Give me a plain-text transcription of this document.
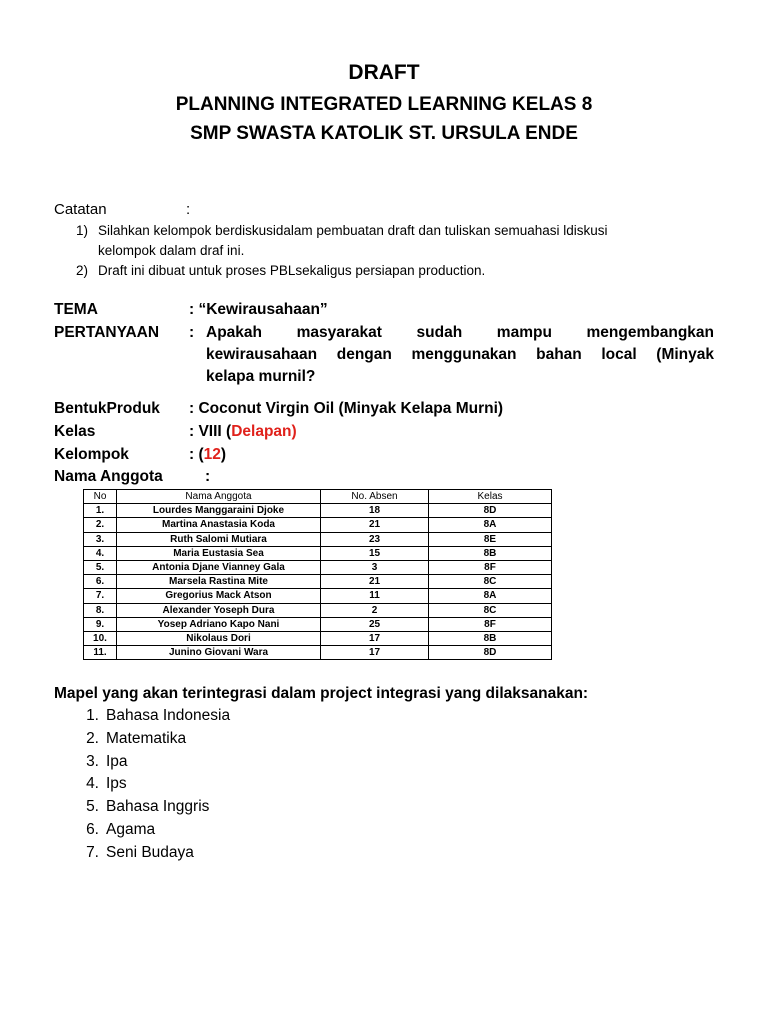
DRAFT
PLANNING INTEGRATED LEARNING KELAS 8
SMP SWASTA KATOLIK ST. URSULA ENDE

Catatan	:

1) Silahkan kelompok berdiskusidalam pembuatan draft dan tuliskan semuahasi ldiskusi

kelompok dalam draf ini.

2) Draft ini dibuat untuk proses PBLsekaligus persiapan production.

TEMA	: “Kewirausahaan”

PERTANYAAN : Apakah masyarakat sudah mampu mengembangkan

kewirausahaan dengan menggunakan bahan local (Minyak

kelapa murnil?

BentukProduk : Coconut Virgin Oil (Minyak Kelapa Murni)

Kelas	: VIII (Delapan)

Kelompok	: (12)

Nama Anggota	:

No	Nama Anggota	No. Absen	Kelas
1.	Lourdes Manggaraini Djoke	18	8D
2.	Martina Anastasia Koda	21	8A
3.	Ruth Salomi Mutiara	23	8E
4.	Maria Eustasia Sea	15	8B
5.	Antonia Djane Vianney Gala	3	8F
6.	Marsela Rastina Mite	21	8C
7.	Gregorius Mack Atson	11	8A
8.	Alexander Yoseph Dura	2	8C
9.	Yosep Adriano Kapo Nani	25	8F
10.	Nikolaus Dori	17	8B
11.	Junino Giovani Wara	17	8D

Mapel yang akan terintegrasi dalam project integrasi yang dilaksanakan:

1. Bahasa Indonesia
2. Matematika
3. Ipa
4. Ips
5. Bahasa Inggris
6. Agama
7. Seni Budaya
